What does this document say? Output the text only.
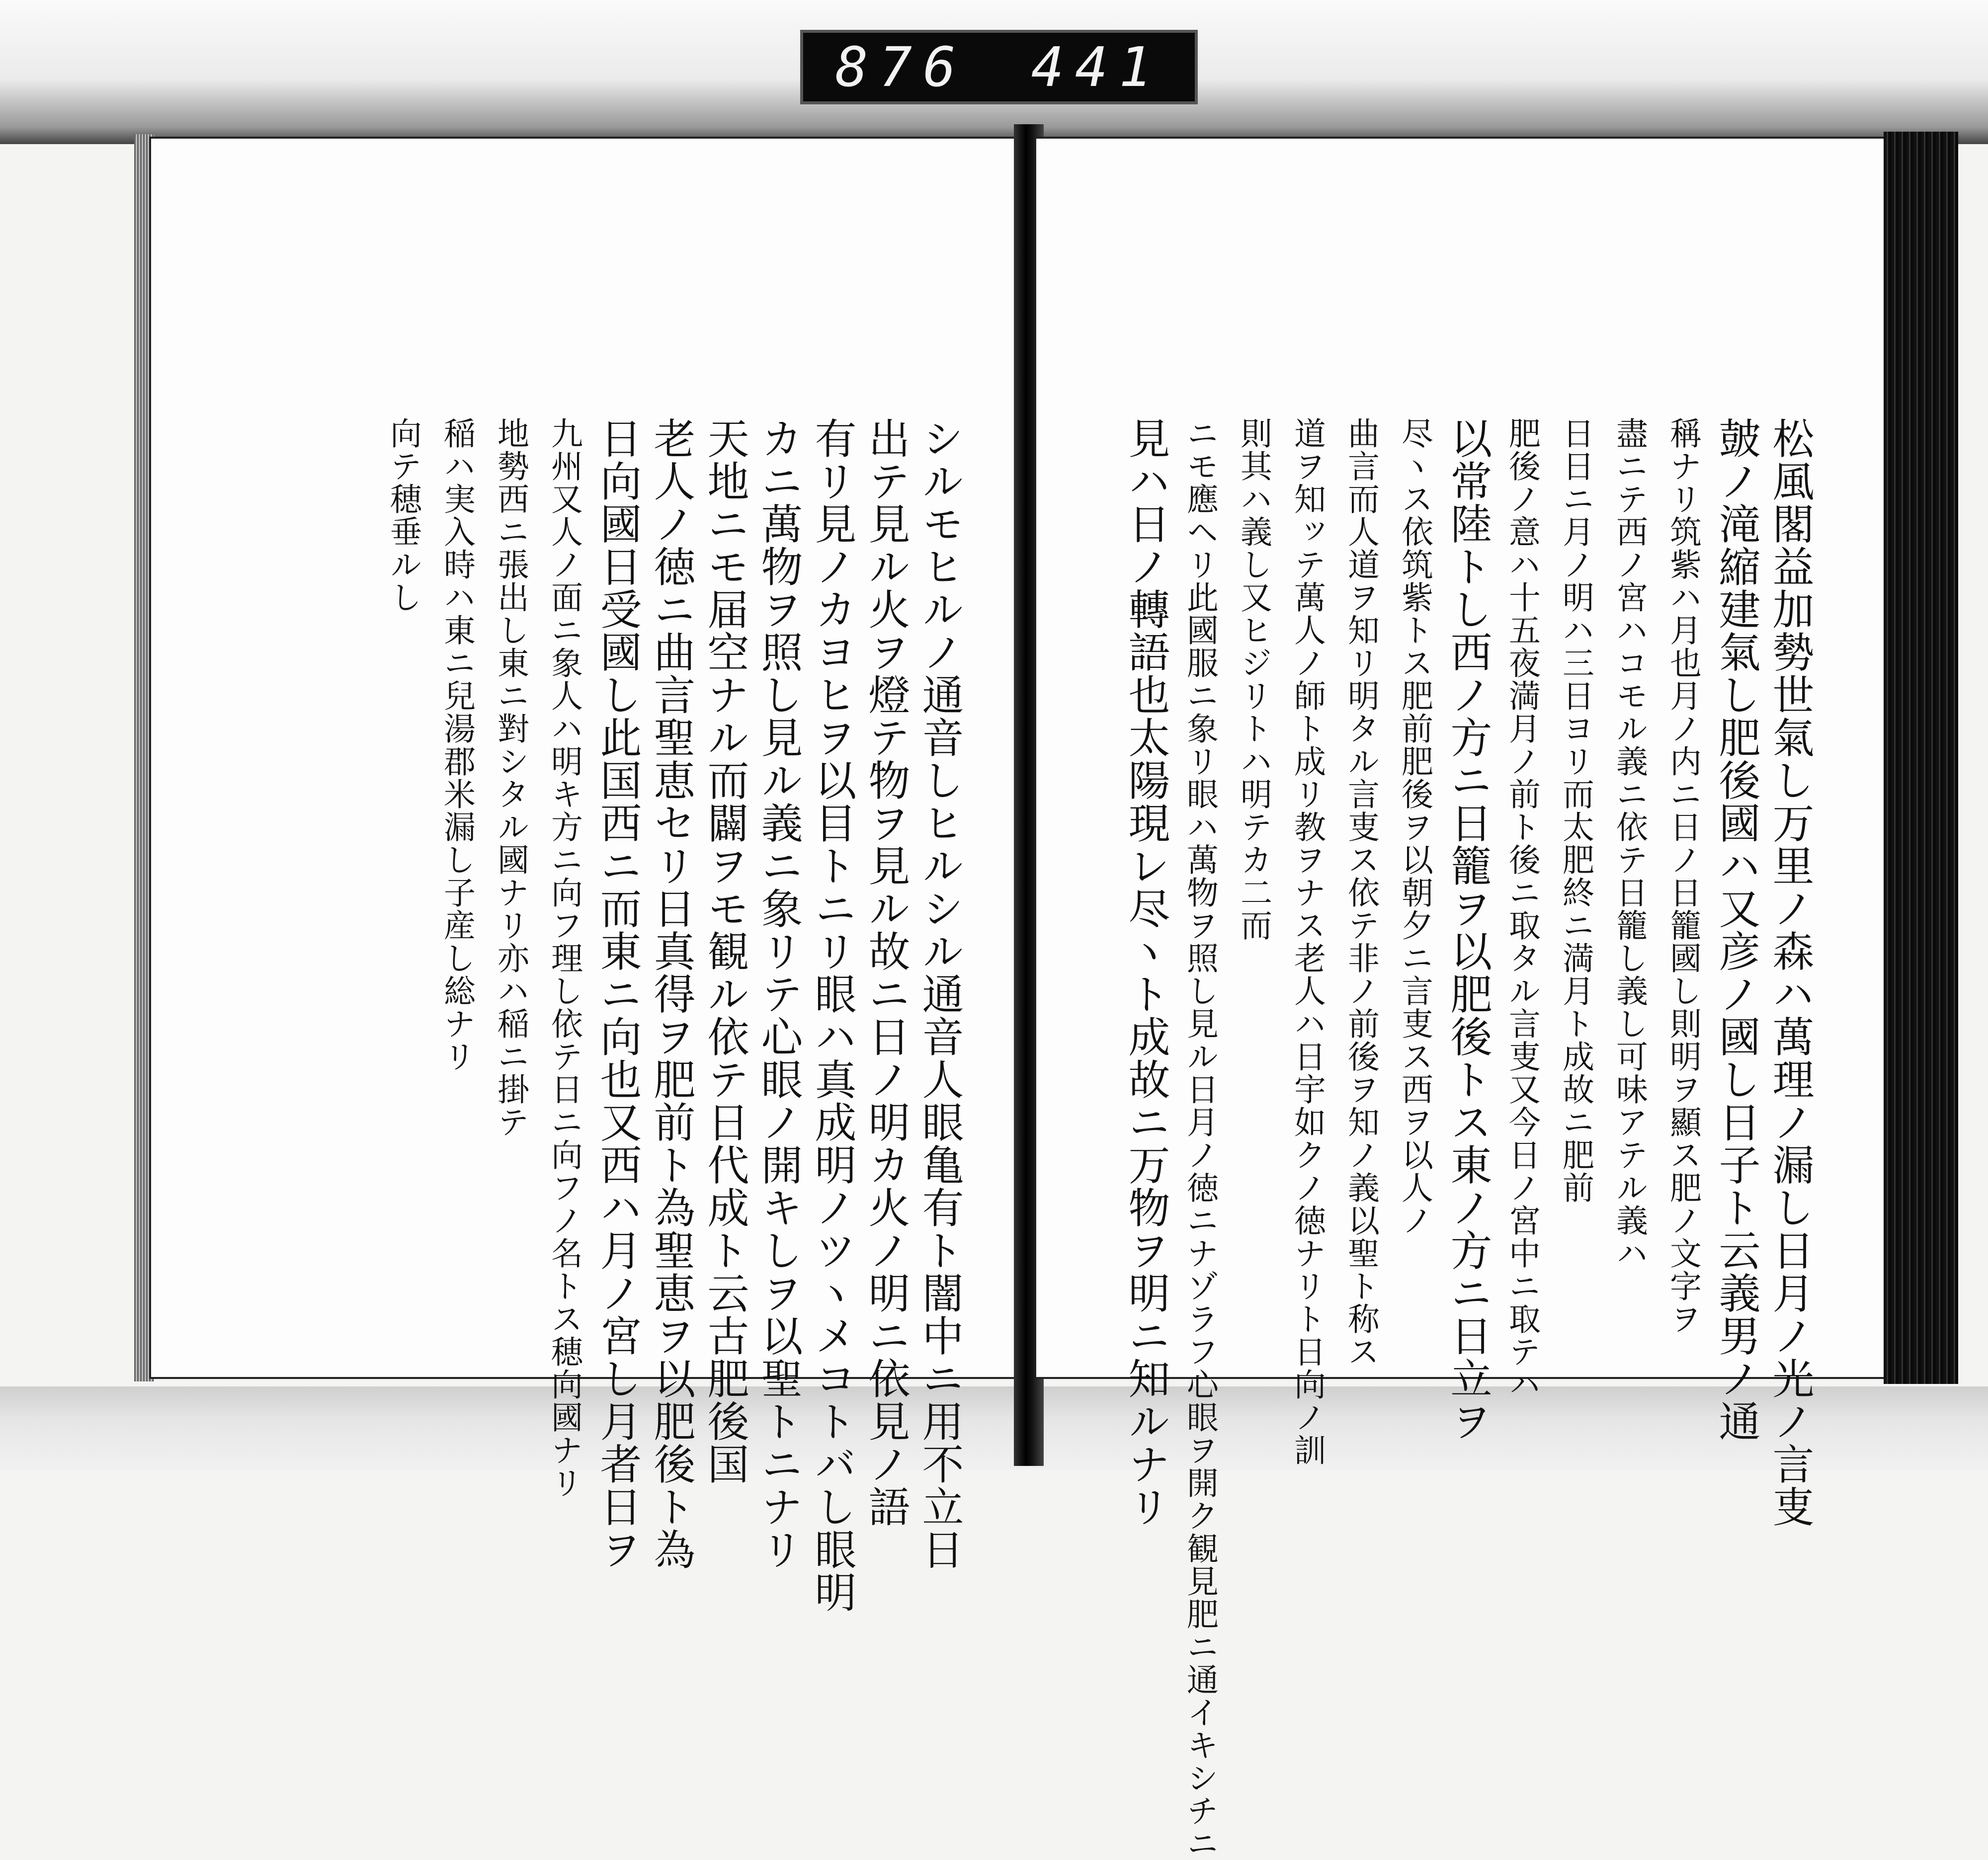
876 441
シルモヒルノ通音しヒルシル通音人眼亀有ト闇中ニ用不立日
出テ見ル火ヲ燈テ物ヲ見ル故ニ日ノ明カ火ノ明ニ依見ノ語
有リ見ノカヨヒヲ以目トニリ眼ハ真成明ノツヽメコトバし眼明
カニ萬物ヲ照し見ル義ニ象リテ心眼ノ開キしヲ以聖トニナリ
天地ニモ届空ナル而闢ヲモ観ル依テ日代成ト云古肥後国
老人ノ徳ニ曲言聖恵セリ日真得ヲ肥前ト為聖恵ヲ以肥後ト為
日向國日受國し此国西ニ而東ニ向也又西ハ月ノ宮し月者日ヲ
九州又人ノ面ニ象人ハ明キ方ニ向フ理し依テ日ニ向フノ名トス穂向國ナリ
地勢西ニ張出し東ニ對シタル國ナリ亦ハ稲ニ掛テ
稲ハ実入時ハ東ニ兒湯郡米漏し子産し総ナリ
向テ穂垂ルし	松風閣益加勢世氣し万里ノ森ハ萬理ノ漏し日月ノ光ノ言叓
皷ノ滝縮建氣し肥後國ハ又彦ノ國し日子ト云義男ノ通
稱ナリ筑紫ハ月也月ノ内ニ日ノ日籠國し則明ヲ顯ス肥ノ文字ヲ
盡ニテ西ノ宮ハコモル義ニ依テ日籠し義し可味アテル義ハ
日日ニ月ノ明ハ三日ヨリ而太肥終ニ満月ト成故ニ肥前
肥後ノ意ハ十五夜満月ノ前ト後ニ取タル言叓又今日ノ宮中ニ取テハ
以常陸トし西ノ方ニ日籠ヲ以肥後トス東ノ方ニ日立ヲ
尽ヽス依筑紫トス肥前肥後ヲ以朝夕ニ言叓ス西ヲ以人ノ
曲言而人道ヲ知リ明タル言叓ス依テ非ノ前後ヲ知ノ義以聖ト称ス
道ヲ知ッテ萬人ノ師ト成リ教ヲナス老人ハ日宇如クノ徳ナリト日向ノ訓
則其ハ義し又ヒジリトハ明テカ二而
ニモ應ヘリ此國服ニ象リ眼ハ萬物ヲ照し見ル日月ノ徳ニナゾラフ心眼ヲ開ク観見肥ニ通イキシチニ
見ハ日ノ轉語也太陽現レ尽ヽト成故ニ万物ヲ明ニ知ルナリ
